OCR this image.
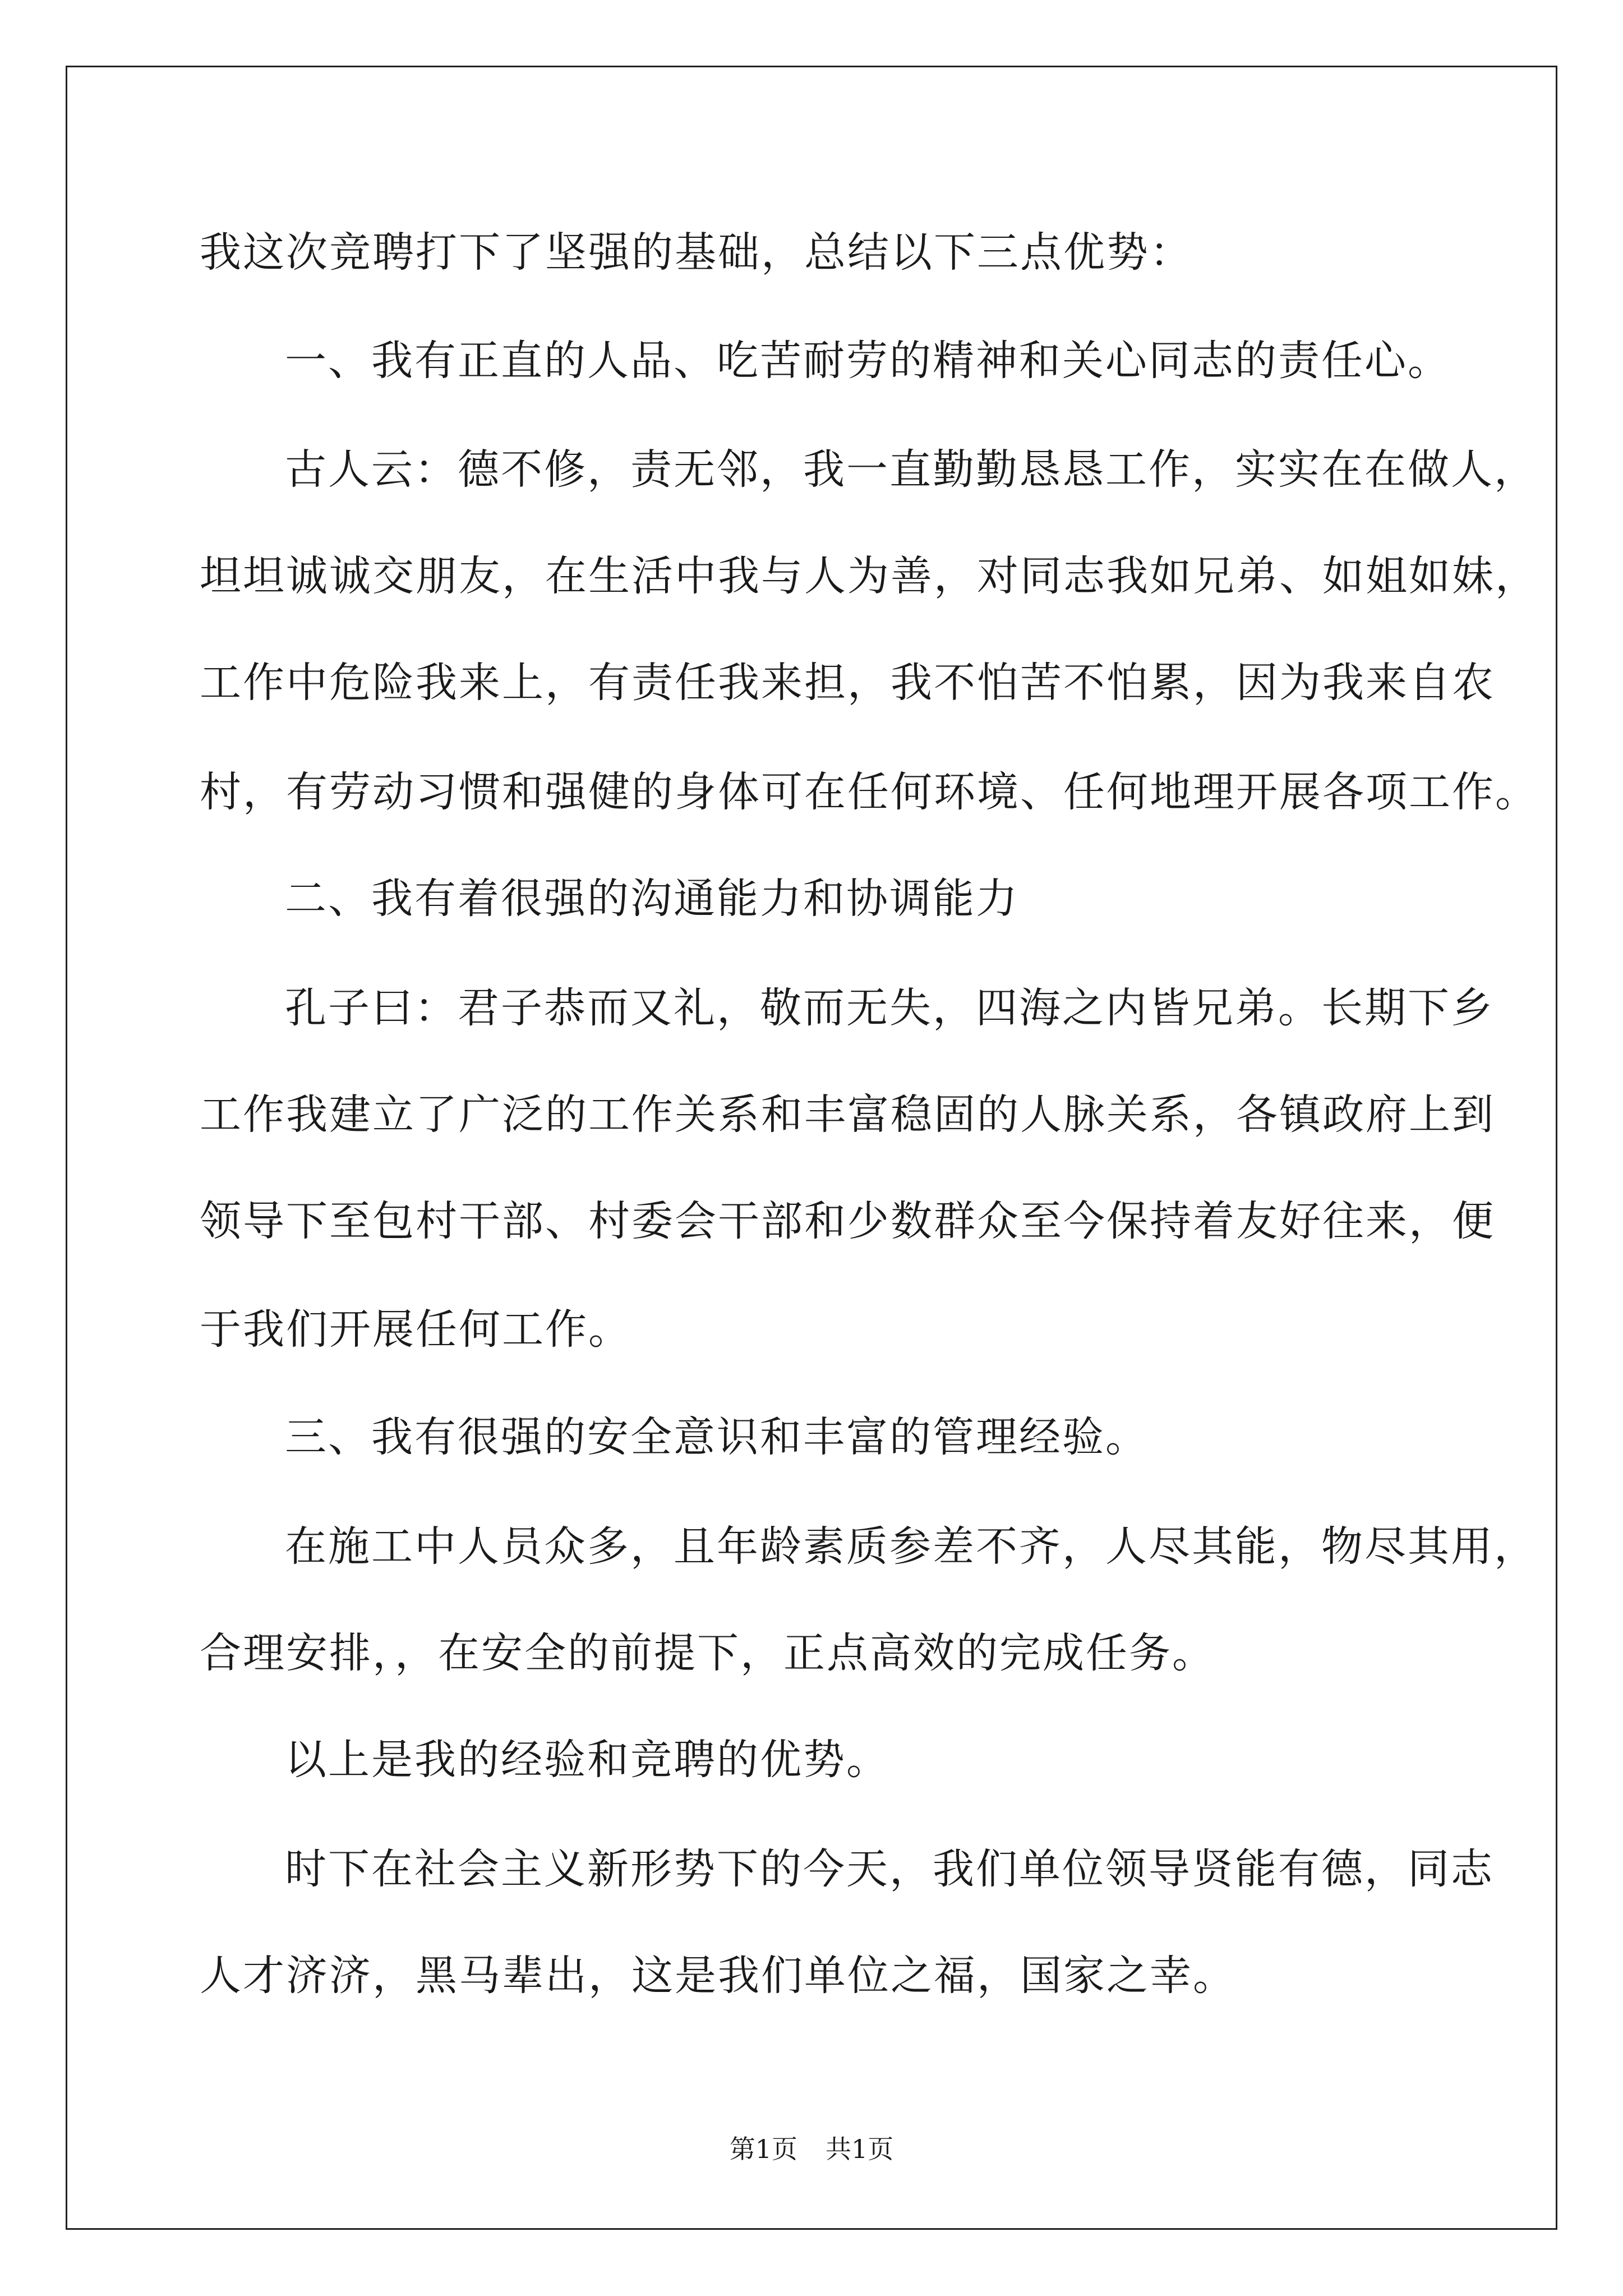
我这次竞聘打下了坚强的基础，总结以下三点优势：

一、我有正直的人品、吃苦耐劳的精神和关心同志的责任心。

古人云：德不修，责无邻，我一直勤勤恳恳工作，实实在在做人，

坦坦诚诚交朋友，在生活中我与人为善，对同志我如兄弟、如姐如妹，

工作中危险我来上，有责任我来担，我不怕苦不怕累，因为我来自农

村，有劳动习惯和强健的身体可在任何环境、任何地理开展各项工作。

二、我有着很强的沟通能力和协调能力

孔子曰：君子恭而又礼，敬而无失，四海之内皆兄弟。长期下乡

工作我建立了广泛的工作关系和丰富稳固的人脉关系，各镇政府上到

领导下至包村干部、村委会干部和少数群众至今保持着友好往来，便

于我们开展任何工作。

三、我有很强的安全意识和丰富的管理经验。

在施工中人员众多，且年龄素质参差不齐，人尽其能，物尽其用，

合理安排，，在安全的前提下，正点高效的完成任务。

以上是我的经验和竞聘的优势。

时下在社会主义新形势下的今天，我们单位领导贤能有德，同志

人才济济，黑马辈出，这是我们单位之福，国家之幸。

第1页 共1页
